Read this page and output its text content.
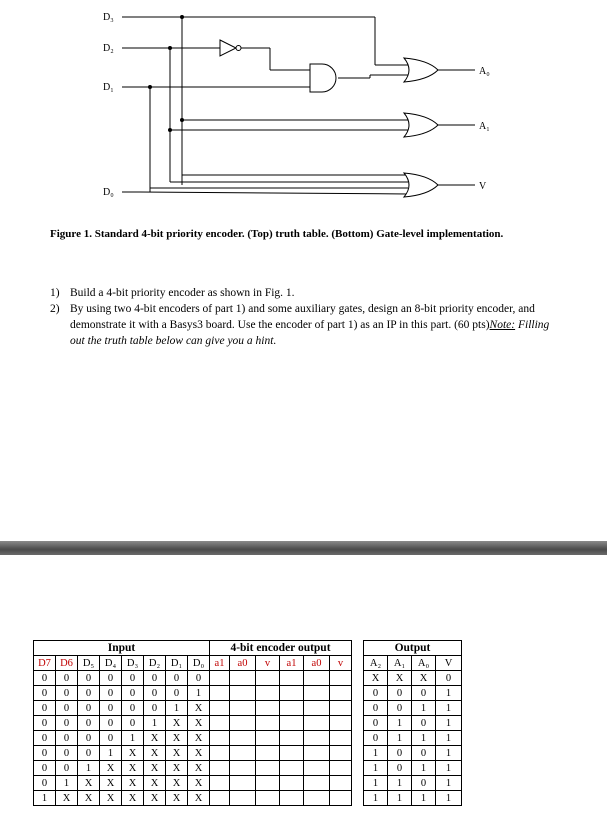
D₃
D₂
D₁
D₀
A₀
A₁
V
Figure 1. Standard 4-bit priority encoder. (Top) truth table. (Bottom) Gate-level implementation.
1) Build a 4-bit priority encoder as shown in Fig. 1.
2) By using two 4-bit encoders of part 1) and some auxiliary gates, design an 8-bit priority encoder, and demonstrate it with a Basys3 board. Use the encoder of part 1) as an IP in this part. (60 pts)Note: Filling out the truth table below can give you a hint.
Input								4-bit encoder output							Output			
D7	D6	D₅	D₄	D₃	D₂	D₁	D₀	a1	a0	v	a1	a0	v		A₂	A₁	A₀	V
0	0	0	0	0	0	0	0								X	X	X	0
0	0	0	0	0	0	0	1								0	0	0	1
0	0	0	0	0	0	1	X								0	0	1	1
0	0	0	0	0	1	X	X								0	1	0	1
0	0	0	0	1	X	X	X								0	1	1	1
0	0	0	1	X	X	X	X								1	0	0	1
0	0	1	X	X	X	X	X								1	0	1	1
0	1	X	X	X	X	X	X								1	1	0	1
1	X	X	X	X	X	X	X								1	1	1	1
